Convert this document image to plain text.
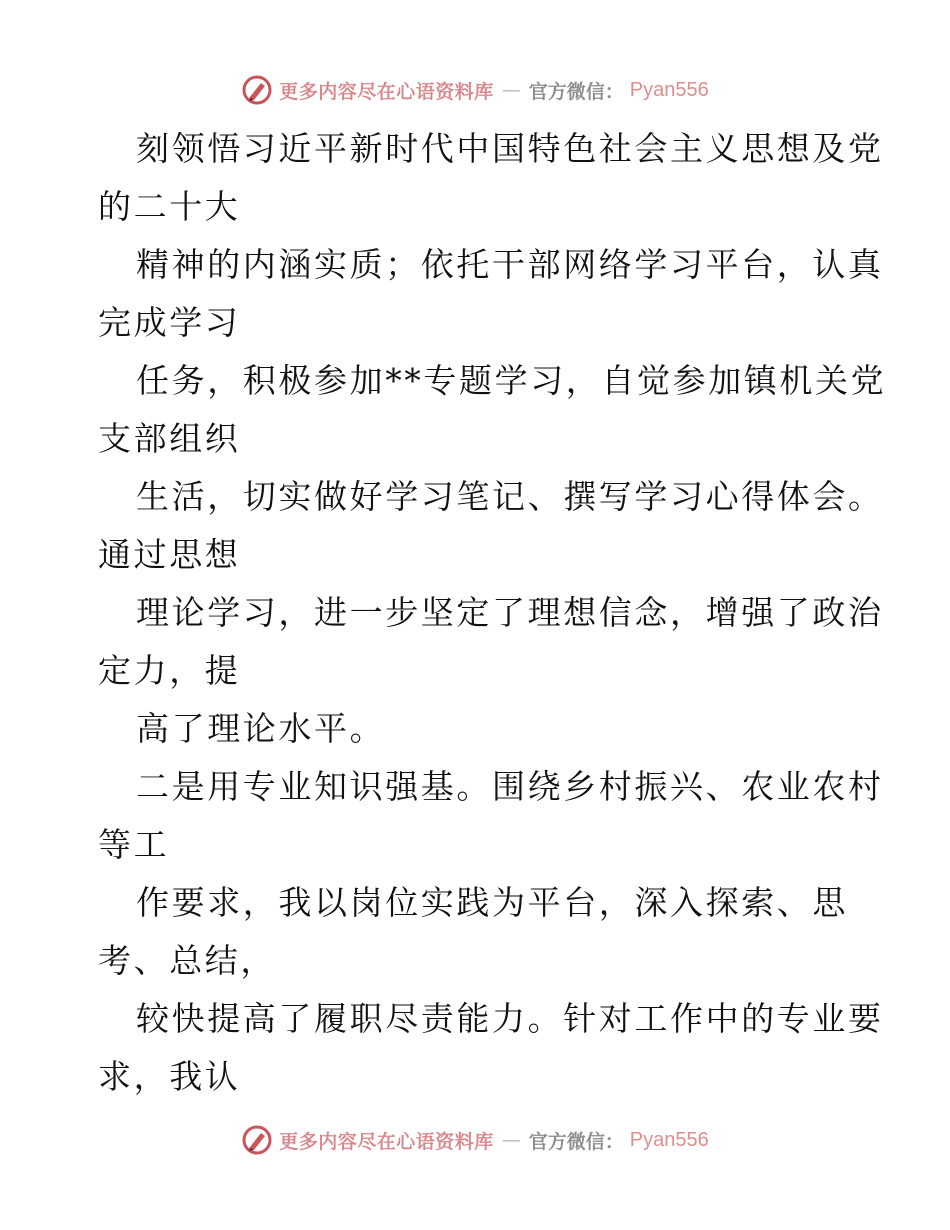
更多内容尽在心语资料库 — 官方微信： Pyan556
刻领悟习近平新时代中国特色社会主义思想及党
的二十大
精神的内涵实质；依托干部网络学习平台，认真
完成学习
任务，积极参加**专题学习，自觉参加镇机关党
支部组织
生活，切实做好学习笔记、撰写学习心得体会。
通过思想
理论学习，进一步坚定了理想信念，增强了政治
定力，提
高了理论水平。
二是用专业知识强基。围绕乡村振兴、农业农村
等工
作要求，我以岗位实践为平台，深入探索、思
考、总结，
较快提高了履职尽责能力。针对工作中的专业要
求，我认
更多内容尽在心语资料库 — 官方微信： Pyan556
